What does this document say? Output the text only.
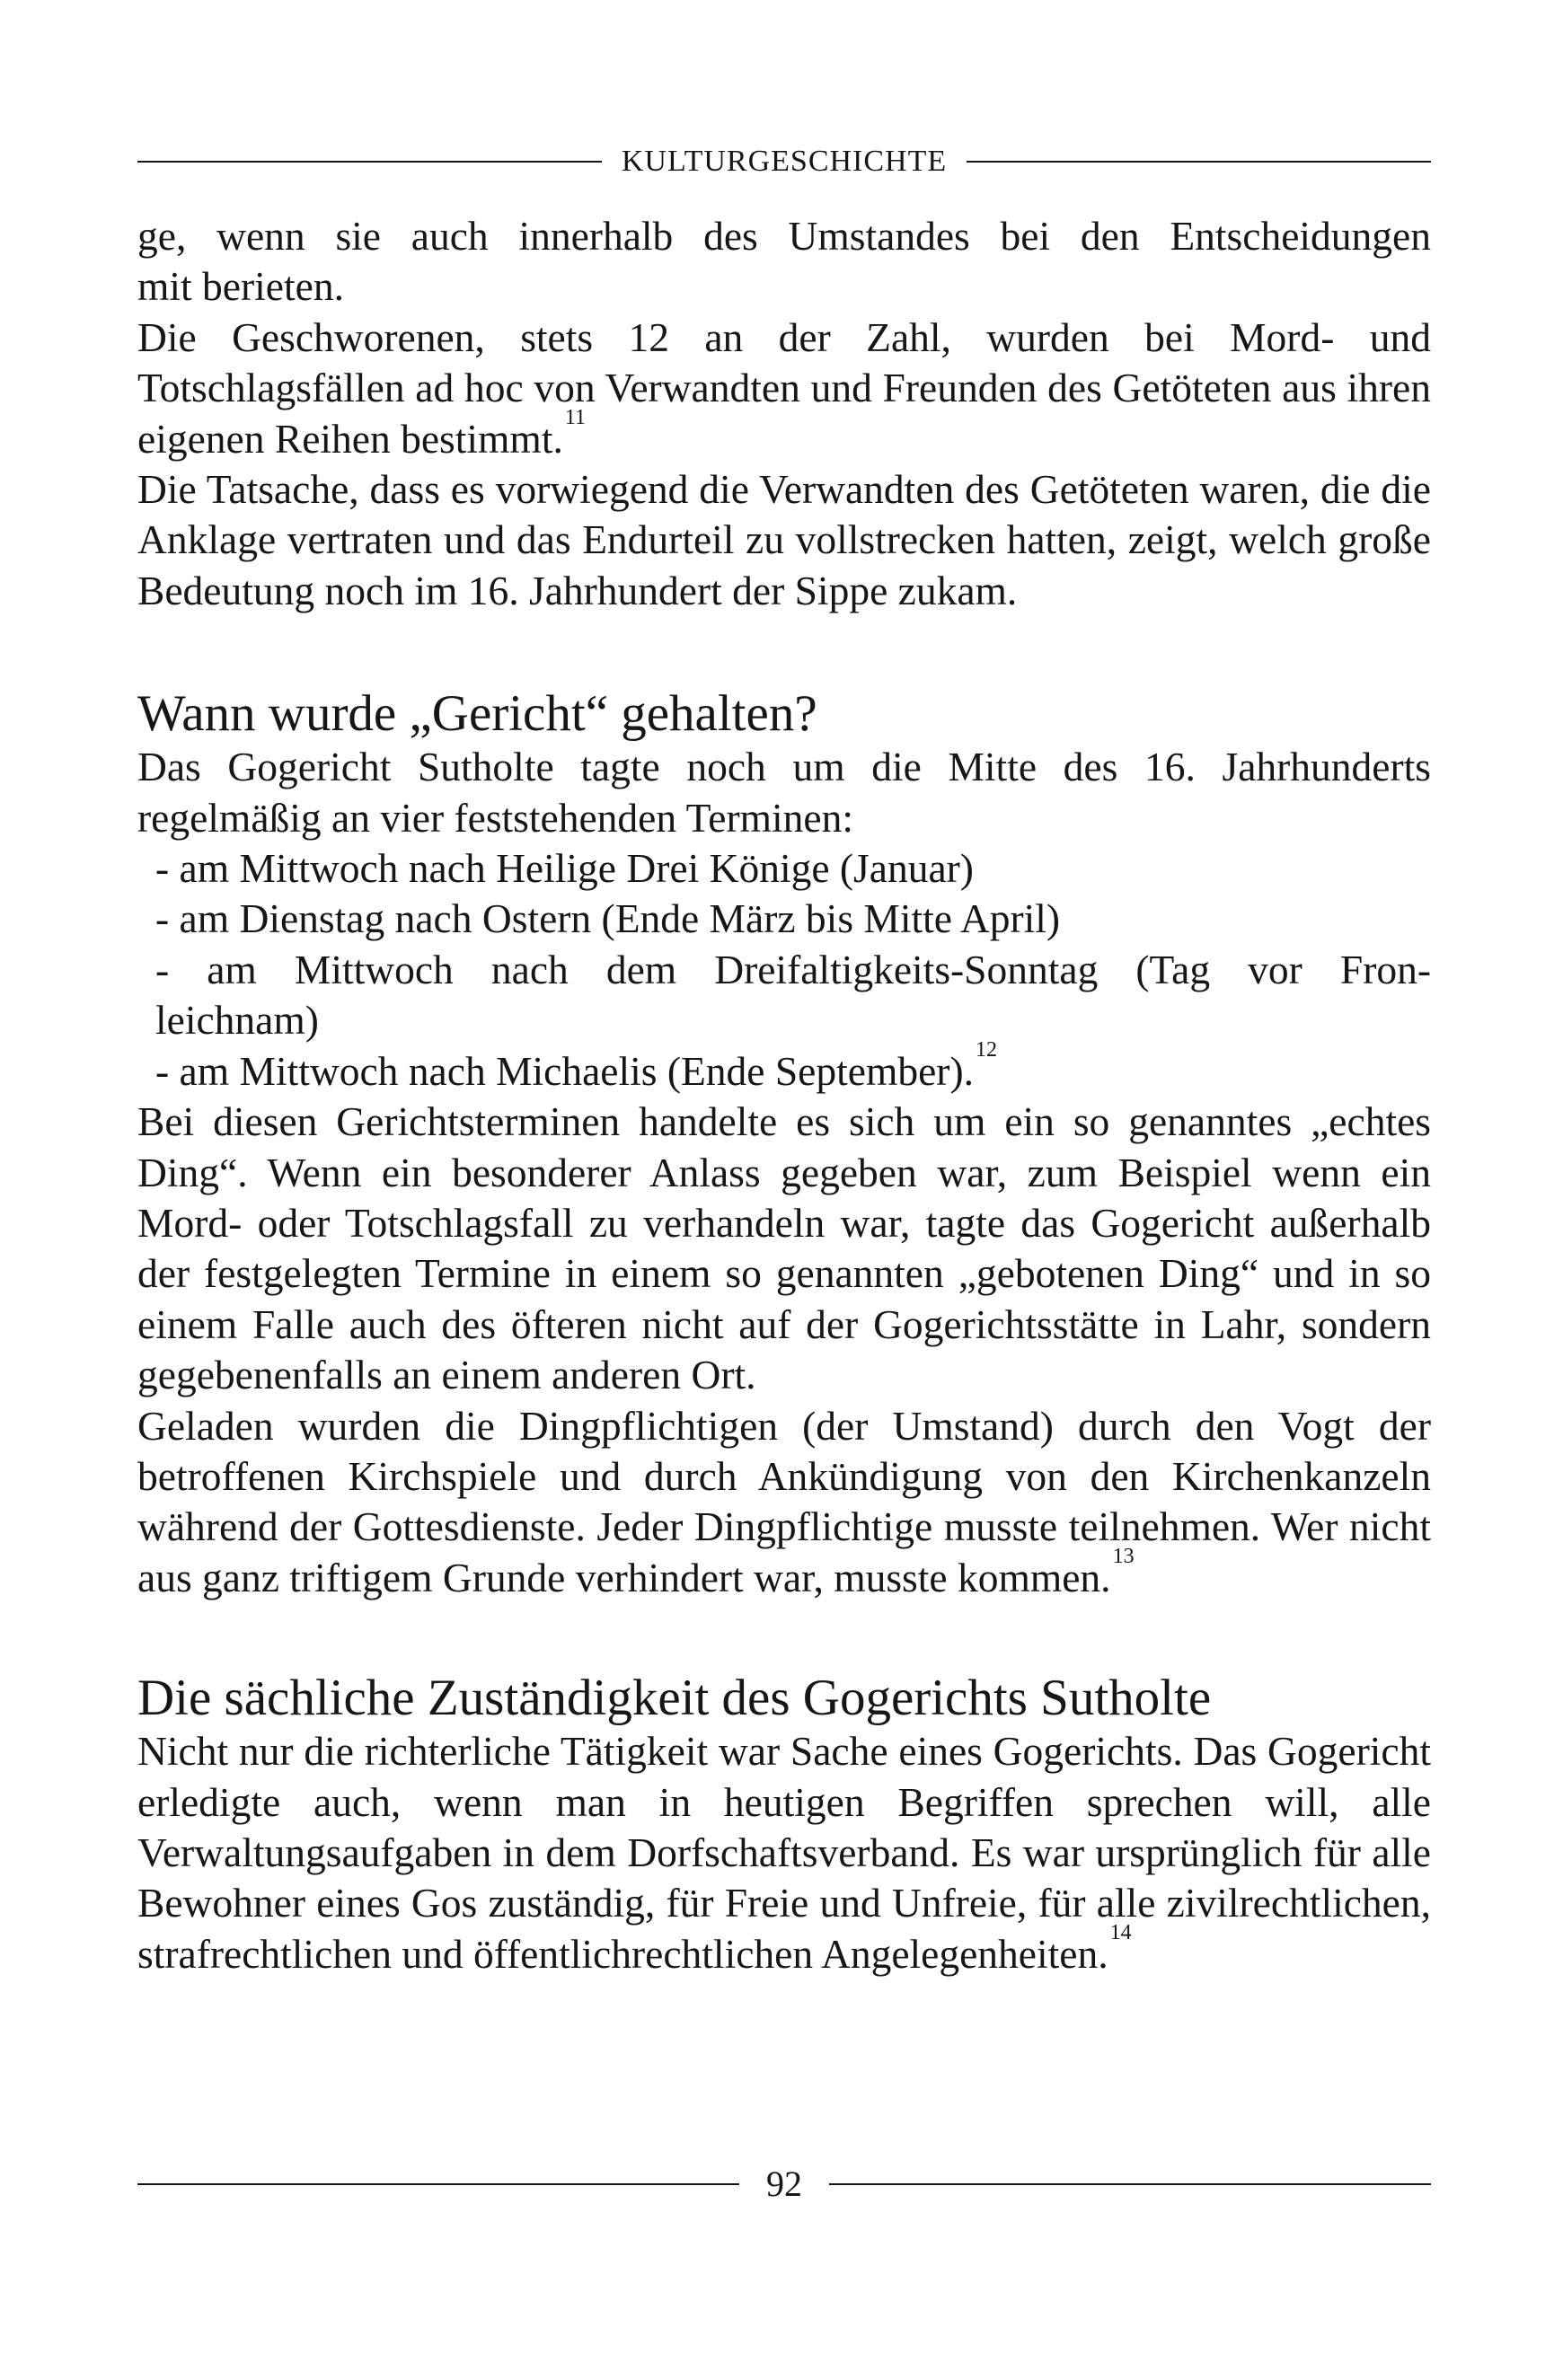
KULTURGESCHICHTE

ge, wenn sie auch innerhalb des Umstandes bei den Entscheidungen

mit berieten.

Die Geschworenen, stets 12 an der Zahl, wurden bei Mord- und Totschlagsfällen ad hoc von Verwandten und Freunden des Getöteten aus ihren eigenen Reihen bestimmt.$^{11}$

Die Tatsache, dass es vorwiegend die Verwandten des Getöteten waren, die die Anklage vertraten und das Endurteil zu vollstrecken hatten, zeigt, welch große Bedeutung noch im 16. Jahrhundert der Sippe zukam.

Wann wurde „Gericht“ gehalten?

Das Gogericht Sutholte tagte noch um die Mitte des 16. Jahrhunderts regelmäßig an vier feststehenden Terminen:

- am Mittwoch nach Heilige Drei Könige (Januar)

- am Dienstag nach Ostern (Ende März bis Mitte April)

- am Mittwoch nach dem Dreifaltigkeits-Sonntag (Tag vor Fron-
leichnam)

- am Mittwoch nach Michaelis (Ende September).$^{12}$

Bei diesen Gerichtsterminen handelte es sich um ein so genanntes „echtes Ding“. Wenn ein besonderer Anlass gegeben war, zum Beispiel wenn ein Mord- oder Totschlagsfall zu verhandeln war, tagte das Gogericht außerhalb der festgelegten Termine in einem so genannten „gebotenen Ding“ und in so einem Falle auch des öfteren nicht auf der Gogerichtsstätte in Lahr, sondern gegebenenfalls an einem anderen Ort.

Geladen wurden die Dingpflichtigen (der Umstand) durch den Vogt der betroffenen Kirchspiele und durch Ankündigung von den Kirchenkanzeln während der Gottesdienste. Jeder Dingpflichtige musste teilnehmen. Wer nicht aus ganz triftigem Grunde verhindert war, musste kommen.$^{13}$

Die sächliche Zuständigkeit des Gogerichts Sutholte

Nicht nur die richterliche Tätigkeit war Sache eines Gogerichts. Das Gogericht erledigte auch, wenn man in heutigen Begriffen sprechen will, alle Verwaltungsaufgaben in dem Dorfschaftsverband. Es war ursprünglich für alle Bewohner eines Gos zuständig, für Freie und Unfreie, für alle zivilrechtlichen, strafrechtlichen und öffentlichrechtlichen Angelegenheiten.$^{14}$

92
